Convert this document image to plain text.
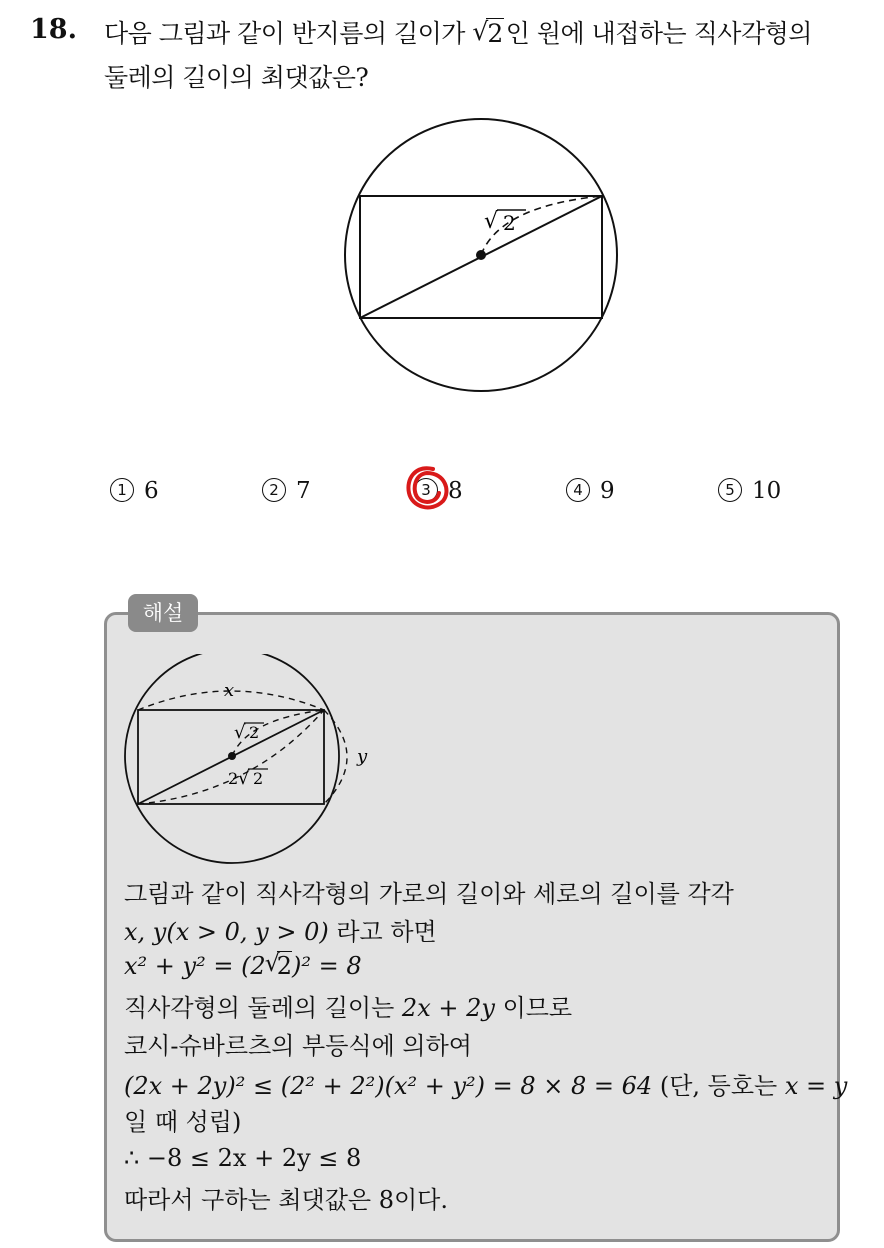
18. 다음 그림과 같이 반지름의 길이가 √ 2 인 원에 내접하는 직사각형의
둘레의 길이의 최댓값은?
√ 2
1 6	2 7	3 8	4 9	5 10
해설
x
y
√ 2
2 √ 2
그림과 같이 직사각형의 가로의 길이와 세로의 길이를 각각
x, y(x > 0, y > 0) 라고 하면
x² + y² = (2 √ 2)² = 8
직사각형의 둘레의 길이는 2x + 2y 이므로
코시-슈바르츠의 부등식에 의하여
(2x + 2y)² ≤ (2² + 2²)(x² + y²) = 8 × 8 = 64 (단, 등호는 x = y
일 때 성립)
∴ −8 ≤ 2x + 2y ≤ 8
따라서 구하는 최댓값은 8이다.
